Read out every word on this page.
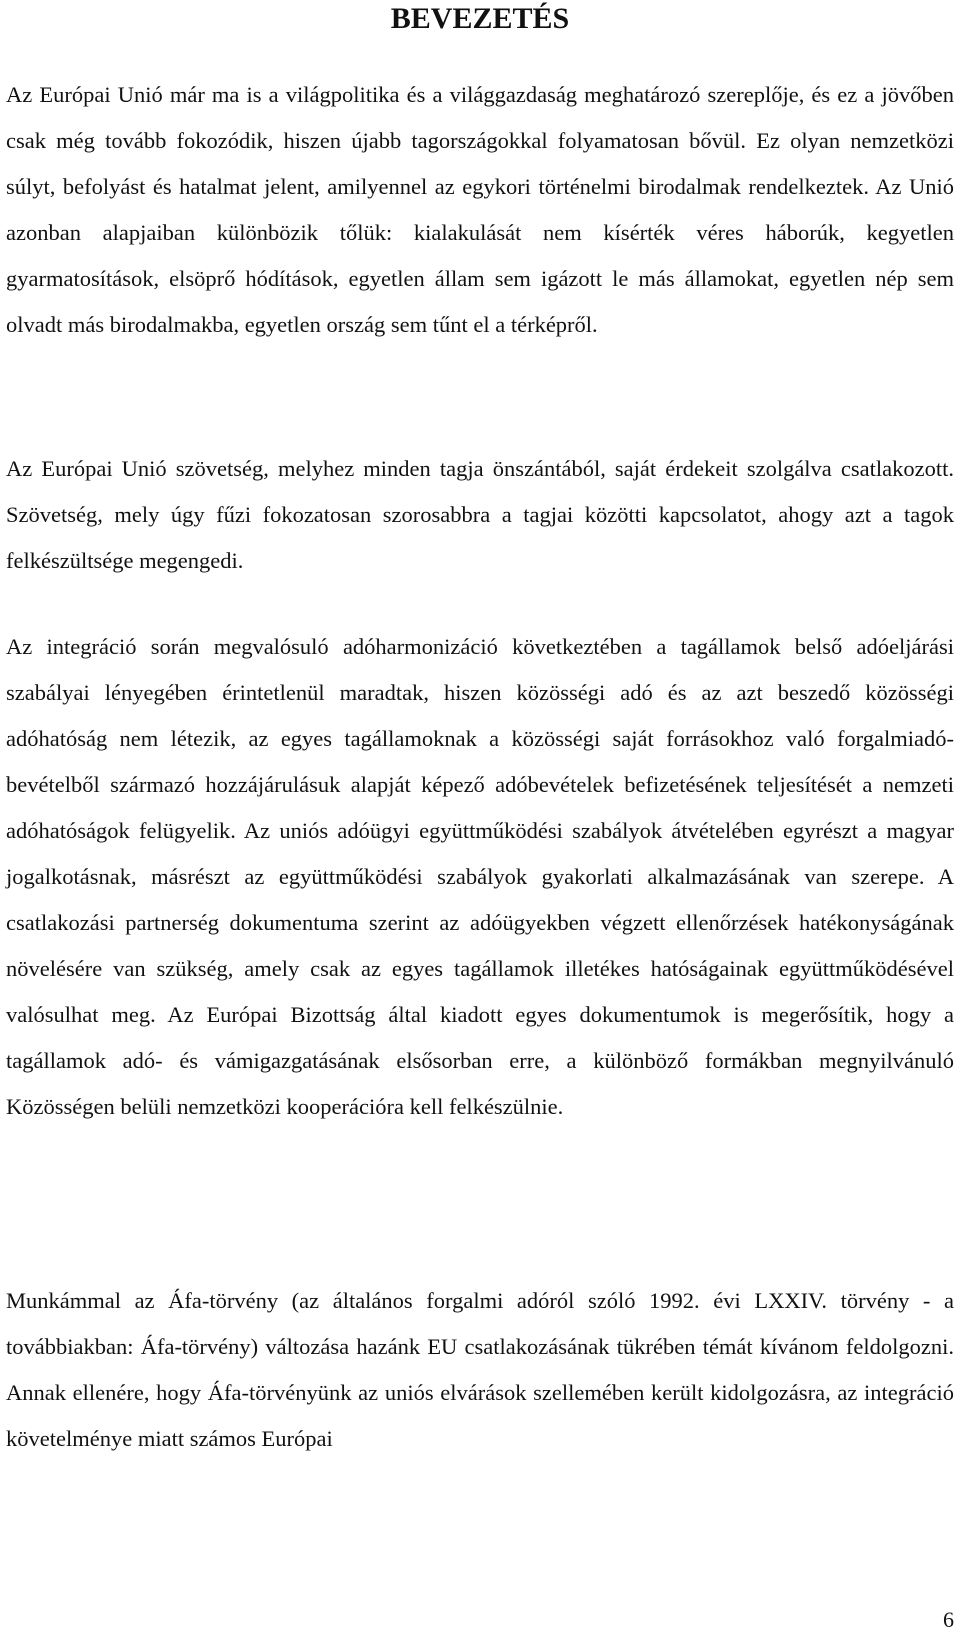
BEVEZETÉS

Az Európai Unió már ma is a világpolitika és a világgazdaság meghatározó szereplője, és ez a jövőben csak még tovább fokozódik, hiszen újabb tagországokkal folyamatosan bővül. Ez olyan nemzetközi súlyt, befolyást és hatalmat jelent, amilyennel az egykori történelmi birodalmak rendelkeztek. Az Unió azonban alapjaiban különbözik tőlük: kialakulását nem kísérték véres háborúk, kegyetlen gyarmatosítások, elsöprő hódítások, egyetlen állam sem igázott le más államokat, egyetlen nép sem olvadt más birodalmakba, egyetlen ország sem tűnt el a térképről.

Az Európai Unió szövetség, melyhez minden tagja önszántából, saját érdekeit szolgálva csatlakozott. Szövetség, mely úgy fűzi fokozatosan szorosabbra a tagjai közötti kapcsolatot, ahogy azt a tagok felkészültsége megengedi.

Az integráció során megvalósuló adóharmonizáció következtében a tagállamok belső adóeljárási szabályai lényegében érintetlenül maradtak, hiszen közösségi adó és az azt beszedő közösségi adóhatóság nem létezik, az egyes tagállamoknak a közösségi saját forrásokhoz való forgalmiadó-bevételből származó hozzájárulásuk alapját képező adóbevételek befizetésének teljesítését a nemzeti adóhatóságok felügyelik. Az uniós adóügyi együttműködési szabályok átvételében egyrészt a magyar jogalkotásnak, másrészt az együttműködési szabályok gyakorlati alkalmazásának van szerepe. A csatlakozási partnerség dokumentuma szerint az adóügyekben végzett ellenőrzések hatékonyságának növelésére van szükség, amely csak az egyes tagállamok illetékes hatóságainak együttműködésével valósulhat meg. Az Európai Bizottság által kiadott egyes dokumentumok is megerősítik, hogy a tagállamok adó- és vámigazgatásának elsősorban erre, a különböző formákban megnyilvánuló Közösségen belüli nemzetközi kooperációra kell felkészülnie.

Munkámmal az Áfa-törvény (az általános forgalmi adóról szóló 1992. évi LXXIV. törvény - a továbbiakban: Áfa-törvény) változása hazánk EU csatlakozásának tükrében témát kívánom feldolgozni. Annak ellenére, hogy Áfa-törvényünk az uniós elvárások szellemében került kidolgozásra, az integráció követelménye miatt számos Európai

6
